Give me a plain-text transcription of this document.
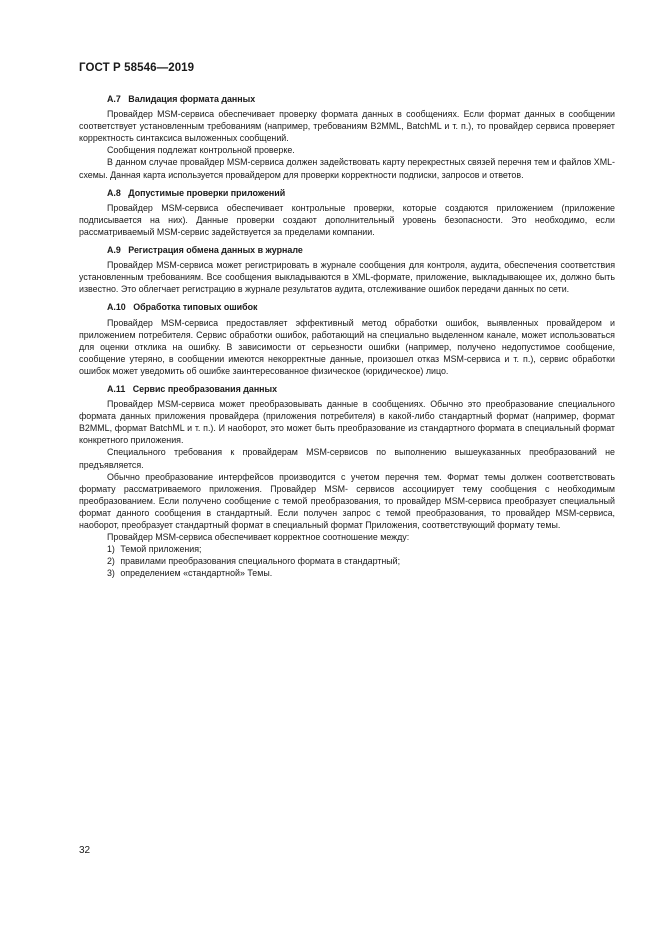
ГОСТ Р 58546—2019
А.7 Валидация формата данных

Провайдер MSM-сервиса обеспечивает проверку формата данных в сообщениях. Если формат данных в сообщении соответствует установленным требованиям (например, требованиям B2MML, BatchML и т. п.), то провайдер сервиса проверяет корректность синтаксиса выложенных сообщений.

Сообщения подлежат контрольной проверке.

В данном случае провайдер MSM-сервиса должен задействовать карту перекрестных связей перечня тем и файлов XML-схемы. Данная карта используется провайдером для проверки корректности подписки, запросов и ответов.

А.8 Допустимые проверки приложений

Провайдер MSM-сервиса обеспечивает контрольные проверки, которые создаются приложением (приложение подписывается на них). Данные проверки создают дополнительный уровень безопасности. Это необходимо, если рассматриваемый MSM-сервис задействуется за пределами компании.

А.9 Регистрация обмена данных в журнале

Провайдер MSM-сервиса может регистрировать в журнале сообщения для контроля, аудита, обеспечения соответствия установленным требованиям. Все сообщения выкладываются в XML-формате, приложение, выкладывающее их, должно быть известно. Это облегчает регистрацию в журнале результатов аудита, отслеживание ошибок передачи данных по сети.

А.10 Обработка типовых ошибок

Провайдер MSM-сервиса предоставляет эффективный метод обработки ошибок, выявленных провайдером и приложением потребителя. Сервис обработки ошибок, работающий на специально выделенном канале, может использоваться для оценки отклика на ошибку. В зависимости от серьезности ошибки (например, получено недопустимое сообщение, сообщение утеряно, в сообщении имеются некорректные данные, произошел отказ MSM-сервиса и т. п.), сервис обработки ошибок может уведомить об ошибке заинтересованное физическое (юридическое) лицо.

А.11 Сервис преобразования данных

Провайдер MSM-сервиса может преобразовывать данные в сообщениях. Обычно это преобразование специального формата данных приложения провайдера (приложения потребителя) в какой-либо стандартный формат (например, формат B2MML, формат BatchML и т. п.). И наоборот, это может быть преобразование из стандартного формата в специальный формат конкретного приложения.

Специального требования к провайдерам MSM-сервисов по выполнению вышеуказанных преобразований не предъявляется.

Обычно преобразование интерфейсов производится с учетом перечня тем. Формат темы должен соответствовать формату рассматриваемого приложения. Провайдер MSM- сервисов ассоциирует тему сообщения с необходимым преобразованием. Если получено сообщение с темой преобразования, то провайдер MSM-сервиса преобразует специальный формат данного сообщения в стандартный. Если получен запрос с темой преобразования, то провайдер MSM-сервиса, наоборот, преобразует стандартный формат в специальный формат Приложения, соответствующий формату темы.

Провайдер MSM-сервиса обеспечивает корректное соотношение между:

1) Темой приложения;

2) правилами преобразования специального формата в стандартный;

3) определением «стандартной» Темы.

32
